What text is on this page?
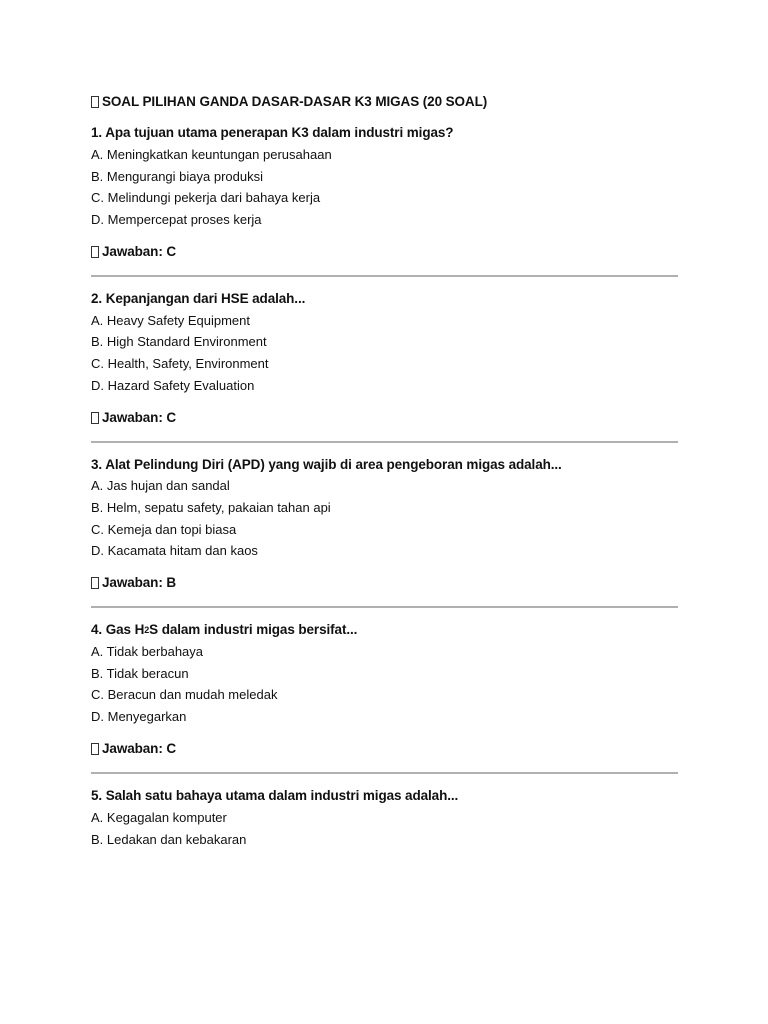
SOAL PILIHAN GANDA DASAR-DASAR K3 MIGAS (20 SOAL)
1. Apa tujuan utama penerapan K3 dalam industri migas?
A. Meningkatkan keuntungan perusahaan
B. Mengurangi biaya produksi
C. Melindungi pekerja dari bahaya kerja
D. Mempercepat proses kerja
Jawaban: C
2. Kepanjangan dari HSE adalah...
A. Heavy Safety Equipment
B. High Standard Environment
C. Health, Safety, Environment
D. Hazard Safety Evaluation
Jawaban: C
3. Alat Pelindung Diri (APD) yang wajib di area pengeboran migas adalah...
A. Jas hujan dan sandal
B. Helm, sepatu safety, pakaian tahan api
C. Kemeja dan topi biasa
D. Kacamata hitam dan kaos
Jawaban: B
4. Gas H 2 S dalam industri migas bersifat...
A. Tidak berbahaya
B. Tidak beracun
C. Beracun dan mudah meledak
D. Menyegarkan
Jawaban: C
5. Salah satu bahaya utama dalam industri migas adalah...
A. Kegagalan komputer
B. Ledakan dan kebakaran
